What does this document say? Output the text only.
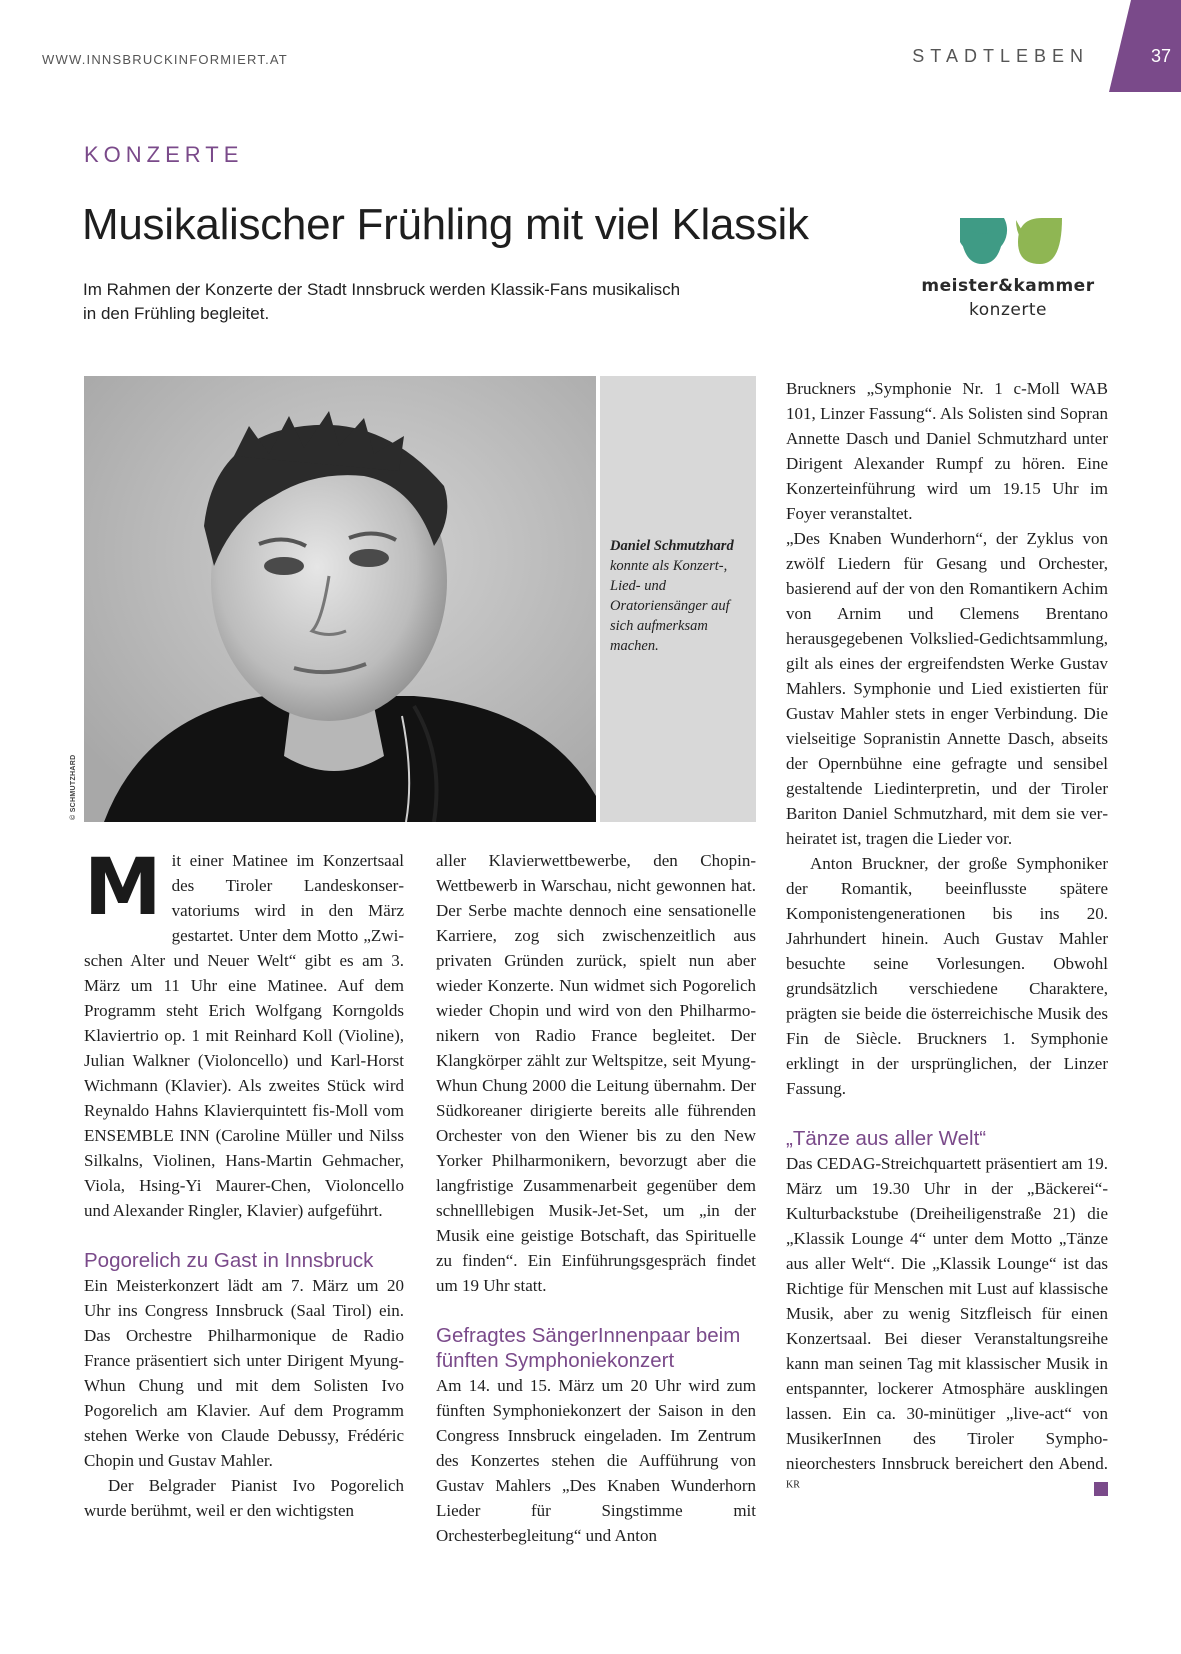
WWW.INNSBRUCKINFORMIERT.AT	STADTLEBEN	37
KONZERTE
Musikalischer Frühling mit viel Klassik
Im Rahmen der Konzerte der Stadt Innsbruck werden Klassik-Fans musikalisch
in den Frühling begleitet.
meister&kammer
konzerte
© SCHMUTZHARD
Daniel Schmutzhard konnte als Konzert-, Lied- und Oratoriensänger auf sich aufmerksam machen.

Mit einer Matinee im Konzertsaal des Tiroler Landeskonservatoriums wird in den März gestartet. Unter dem Motto „Zwischen Alter und Neuer Welt“ gibt es am 3. März um 11 Uhr eine Matinee. Auf dem Programm steht Erich Wolfgang Korngolds Klaviertrio op. 1 mit Reinhard Koll (Violine), Julian Walkner (Violoncello) und Karl-Horst Wichmann (Klavier). Als zweites Stück wird Reynaldo Hahns Klavierquintett fis-Moll vom ENSEMBLE INN (Caroline Müller und Nilss Silkalns, Violinen, Hans-Martin Gehmacher, Viola, Hsing-Yi Maurer-Chen, Violoncello und Alexander Ringler, Klavier) aufgeführt.

Pogorelich zu Gast in Innsbruck

Ein Meisterkonzert lädt am 7. März um 20 Uhr ins Congress Innsbruck (Saal Tirol) ein. Das Orchestre Philharmonique de Radio France präsentiert sich unter Dirigent Myung-Whun Chung und mit dem Solisten Ivo Pogorelich am Klavier. Auf dem Programm stehen Werke von Claude Debussy, Frédéric Chopin und Gustav Mahler.

Der Belgrader Pianist Ivo Pogorelich wurde berühmt, weil er den wichtigsten

aller Klavierwettbewerbe, den Chopin-Wettbewerb in Warschau, nicht gewonnen hat. Der Serbe machte dennoch eine sensationelle Karriere, zog sich zwischenzeitlich aus privaten Gründen zurück, spielt nun aber wieder Konzerte. Nun widmet sich Pogorelich wieder Chopin und wird von den Philharmonikern von Radio France begleitet. Der Klangkörper zählt zur Weltspitze, seit Myung-Whun Chung 2000 die Leitung übernahm. Der Südkoreaner dirigierte bereits alle führenden Orchester von den Wiener bis zu den New Yorker Philharmonikern, bevorzugt aber die langfristige Zusammenarbeit gegenüber dem schnelllebigen Musik-Jet-Set, um „in der Musik eine geistige Botschaft, das Spirituelle zu finden“. Ein Einführungsgespräch findet um 19 Uhr statt.

Gefragtes SängerInnenpaar beim fünften Symphoniekonzert

Am 14. und 15. März um 20 Uhr wird zum fünften Symphoniekonzert der Saison in den Congress Innsbruck eingeladen. Im Zentrum des Konzertes stehen die Aufführung von Gustav Mahlers „Des Knaben Wunderhorn Lieder für Singstimme mit Orchesterbegleitung“ und Anton

Bruckners „Symphonie Nr. 1 c-Moll WAB 101, Linzer Fassung“. Als Solisten sind Sopran Annette Dasch und Daniel Schmutzhard unter Dirigent Alexander Rumpf zu hören. Eine Konzerteinführung wird um 19.15 Uhr im Foyer veranstaltet.

„Des Knaben Wunderhorn“, der Zyklus von zwölf Liedern für Gesang und Orchester, basierend auf der von den Romantikern Achim von Arnim und Clemens Brentano herausgegebenen Volkslied-Gedichtsammlung, gilt als eines der ergreifendsten Werke Gustav Mahlers. Symphonie und Lied existierten für Gustav Mahler stets in enger Verbindung. Die vielseitige Sopranistin Annette Dasch, abseits der Opernbühne eine gefragte und sensibel gestaltende Liedinterpretin, und der Tiroler Bariton Daniel Schmutzhard, mit dem sie verheiratet ist, tragen die Lieder vor.

Anton Bruckner, der große Symphoniker der Romantik, beeinflusste spätere Komponistengenerationen bis ins 20. Jahrhundert hinein. Auch Gustav Mahler besuchte seine Vorlesungen. Obwohl grundsätzlich verschiedene Charaktere, prägten sie beide die österreichische Musik des Fin de Siècle. Bruckners 1. Symphonie erklingt in der ursprünglichen, der Linzer Fassung.

„Tänze aus aller Welt“

Das CEDAG-Streichquartett präsentiert am 19. März um 19.30 Uhr in der „Bäckerei“-Kulturbackstube (Dreiheiligenstraße 21) die „Klassik Lounge 4“ unter dem Motto „Tänze aus aller Welt“. Die „Klassik Lounge“ ist das Richtige für Menschen mit Lust auf klassische Musik, aber zu wenig Sitzfleisch für einen Konzertsaal. Bei dieser Veranstaltungsreihe kann man seinen Tag mit klassischer Musik in entspannter, lockerer Atmosphäre ausklingen lassen. Ein ca. 30-minütiger „live-act“ von MusikerInnen des Tiroler Symphonieorchesters Innsbruck bereichert den Abend. $^{KR}$
